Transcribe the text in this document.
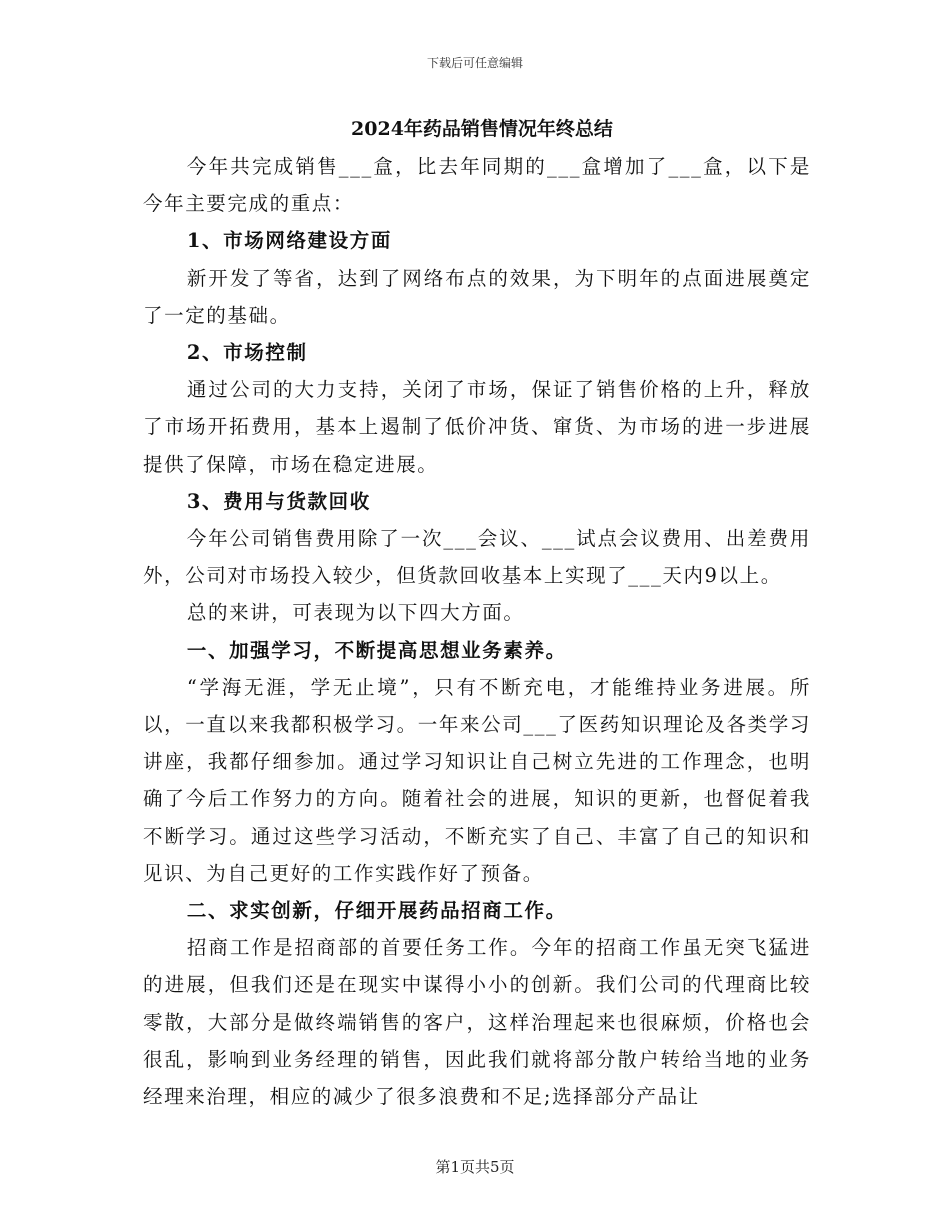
下载后可任意编辑
2024年药品销售情况年终总结

今年共完成销售___盒，比去年同期的___盒增加了___盒，以下是今年主要完成的重点：

1、市场网络建设方面

新开发了等省，达到了网络布点的效果，为下明年的点面进展奠定了一定的基础。

2、市场控制

通过公司的大力支持，关闭了市场，保证了销售价格的上升，释放了市场开拓费用，基本上遏制了低价冲货、窜货、为市场的进一步进展提供了保障，市场在稳定进展。

3、费用与货款回收

今年公司销售费用除了一次___会议、___试点会议费用、出差费用外，公司对市场投入较少，但货款回收基本上实现了___天内9以上。

总的来讲，可表现为以下四大方面。

一、加强学习，不断提高思想业务素养。

“学海无涯，学无止境”，只有不断充电，才能维持业务进展。所以，一直以来我都积极学习。一年来公司___了医药知识理论及各类学习讲座，我都仔细参加。通过学习知识让自己树立先进的工作理念，也明确了今后工作努力的方向。随着社会的进展，知识的更新，也督促着我不断学习。通过这些学习活动，不断充实了自己、丰富了自己的知识和见识、为自己更好的工作实践作好了预备。

二、求实创新，仔细开展药品招商工作。

招商工作是招商部的首要任务工作。今年的招商工作虽无突飞猛进的进展，但我们还是在现实中谋得小小的创新。我们公司的代理商比较零散，大部分是做终端销售的客户，这样治理起来也很麻烦，价格也会很乱，影响到业务经理的销售，因此我们就将部分散户转给当地的业务经理来治理，相应的减少了很多浪费和不足;选择部分产品让

第1页共5页
